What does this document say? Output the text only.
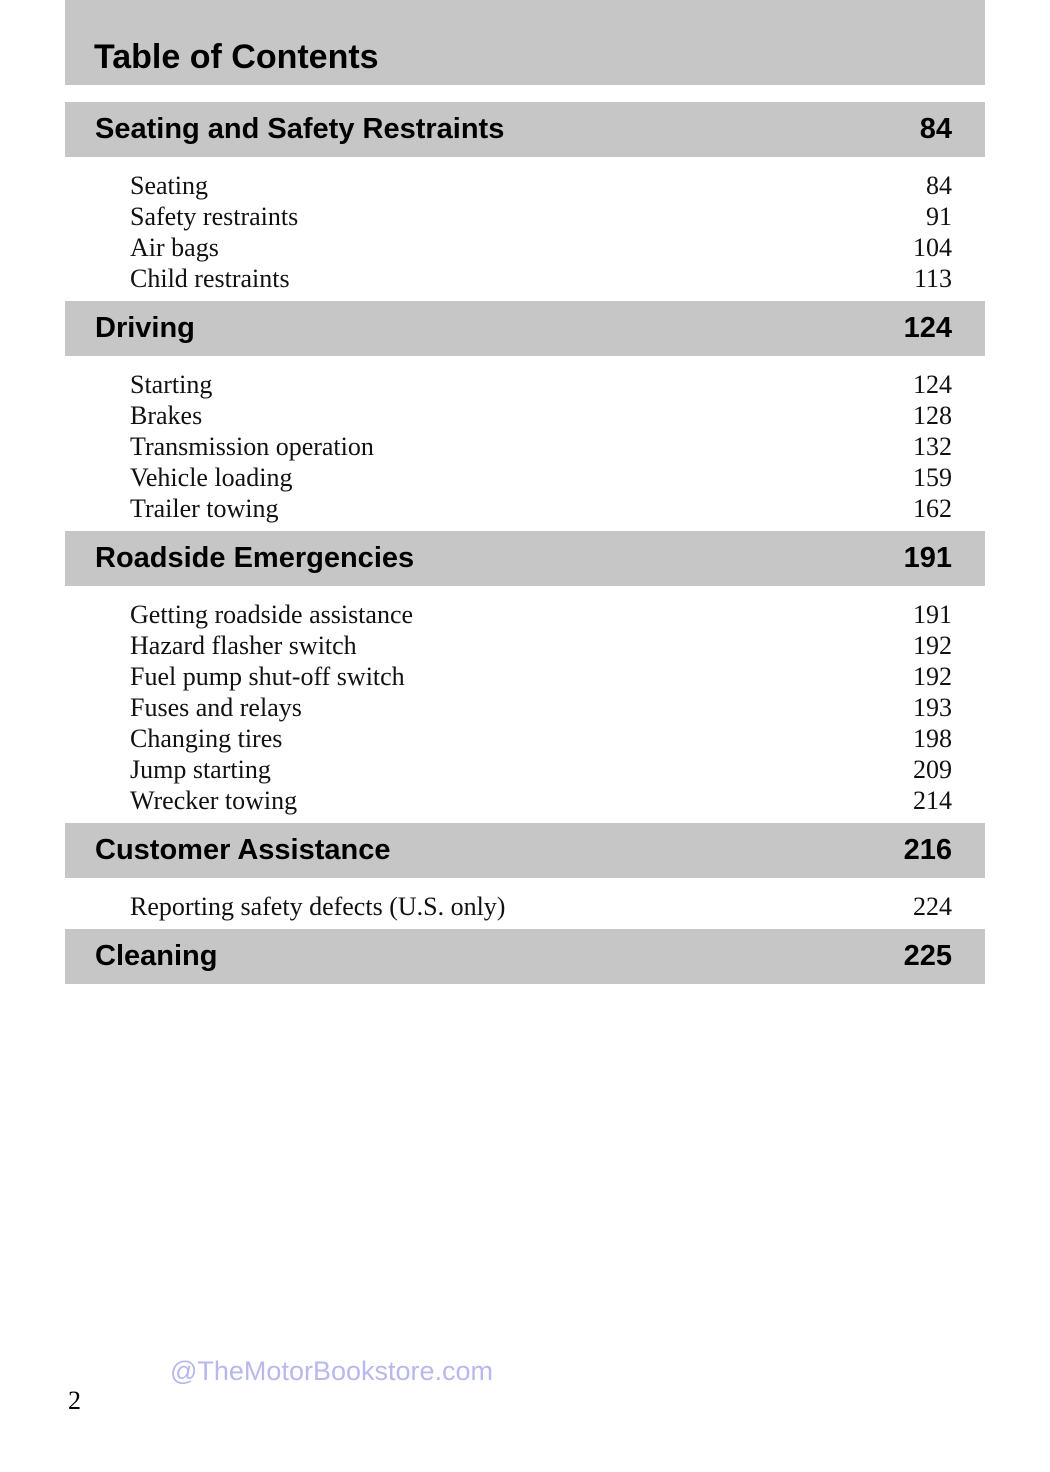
Table of Contents
Seating and Safety Restraints	84
Seating	84
Safety restraints	91
Air bags	104
Child restraints	113
Driving	124
Starting	124
Brakes	128
Transmission operation	132
Vehicle loading	159
Trailer towing	162
Roadside Emergencies	191
Getting roadside assistance	191
Hazard flasher switch	192
Fuel pump shut-off switch	192
Fuses and relays	193
Changing tires	198
Jump starting	209
Wrecker towing	214
Customer Assistance	216
Reporting safety defects (U.S. only)	224
Cleaning	225
@TheMotorBookstore.com
2
